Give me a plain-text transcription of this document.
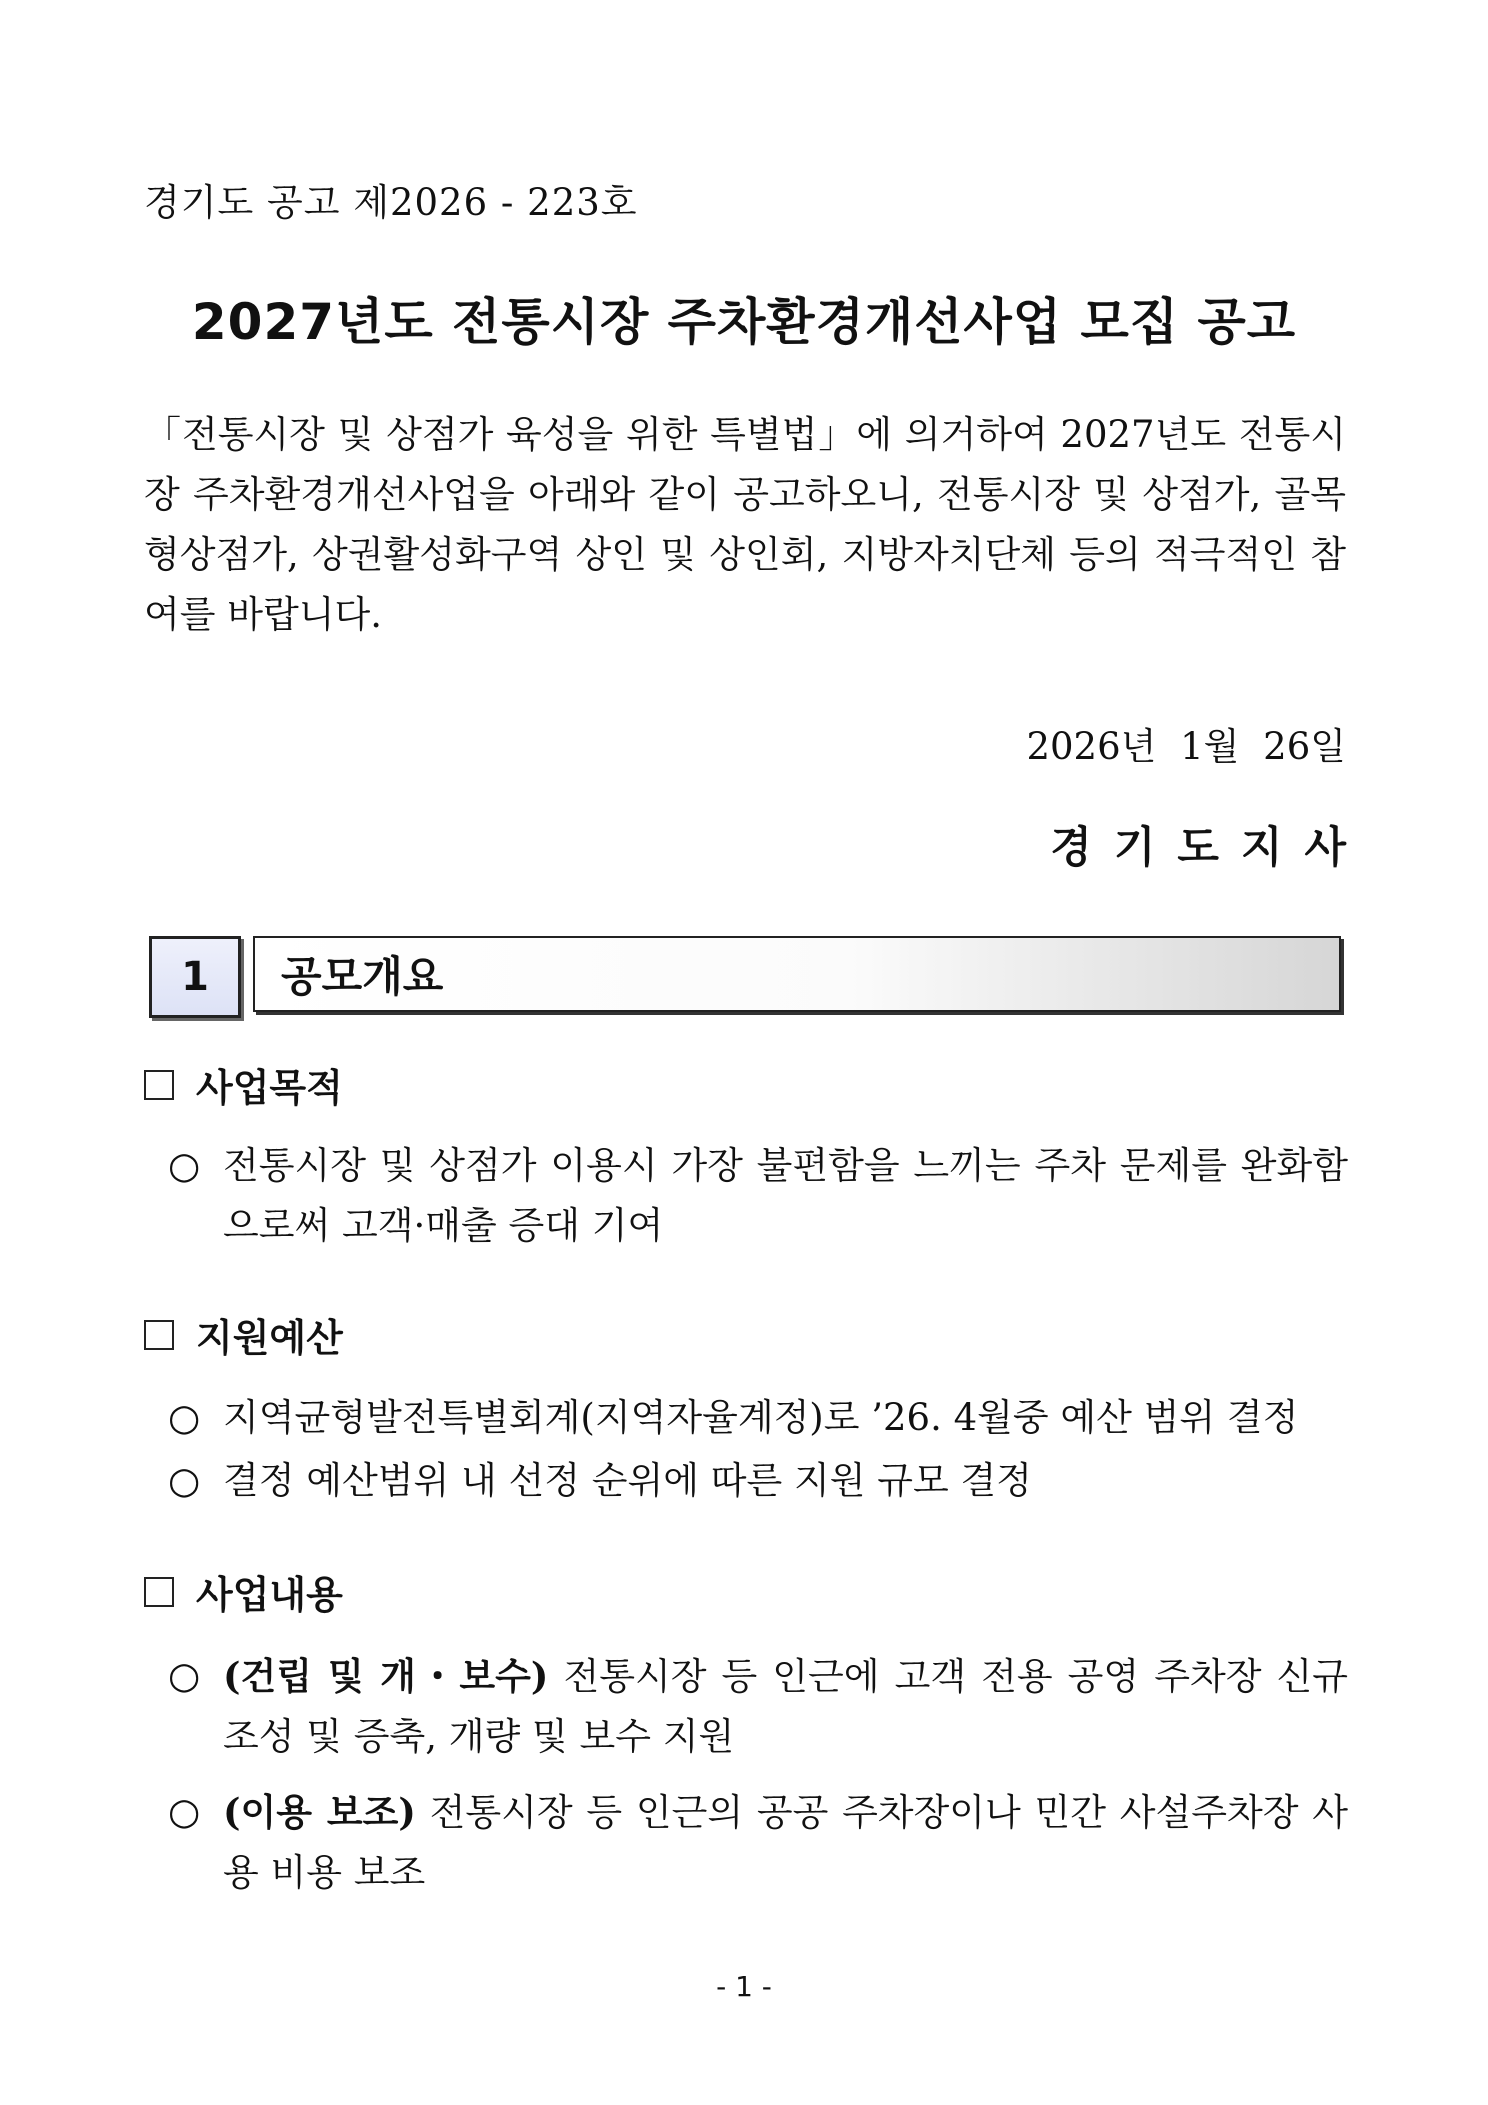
경기도 공고 제2026 - 223호
2027년도 전통시장 주차환경개선사업 모집 공고
「전통시장 및 상점가 육성을 위한 특별법」에 의거하여 2027년도 전통시장 주차환경개선사업을 아래와 같이 공고하오니, 전통시장 및 상점가, 골목형상점가, 상권활성화구역 상인 및 상인회, 지방자치단체 등의 적극적인 참여를 바랍니다.
2026년 1월 26일
경기도지사
1	공모개요
사업목적
○ 전통시장 및 상점가 이용시 가장 불편함을 느끼는 주차 문제를 완화함으로써 고객·매출 증대 기여
지원예산
○ 지역균형발전특별회계(지역자율계정)로 ’26. 4월중 예산 범위 결정
○ 결정 예산범위 내 선정 순위에 따른 지원 규모 결정
사업내용
○ (건립 및 개・보수) 전통시장 등 인근에 고객 전용 공영 주차장 신규 조성 및 증축, 개량 및 보수 지원
○ (이용 보조) 전통시장 등 인근의 공공 주차장이나 민간 사설주차장 사용 비용 보조
- 1 -
